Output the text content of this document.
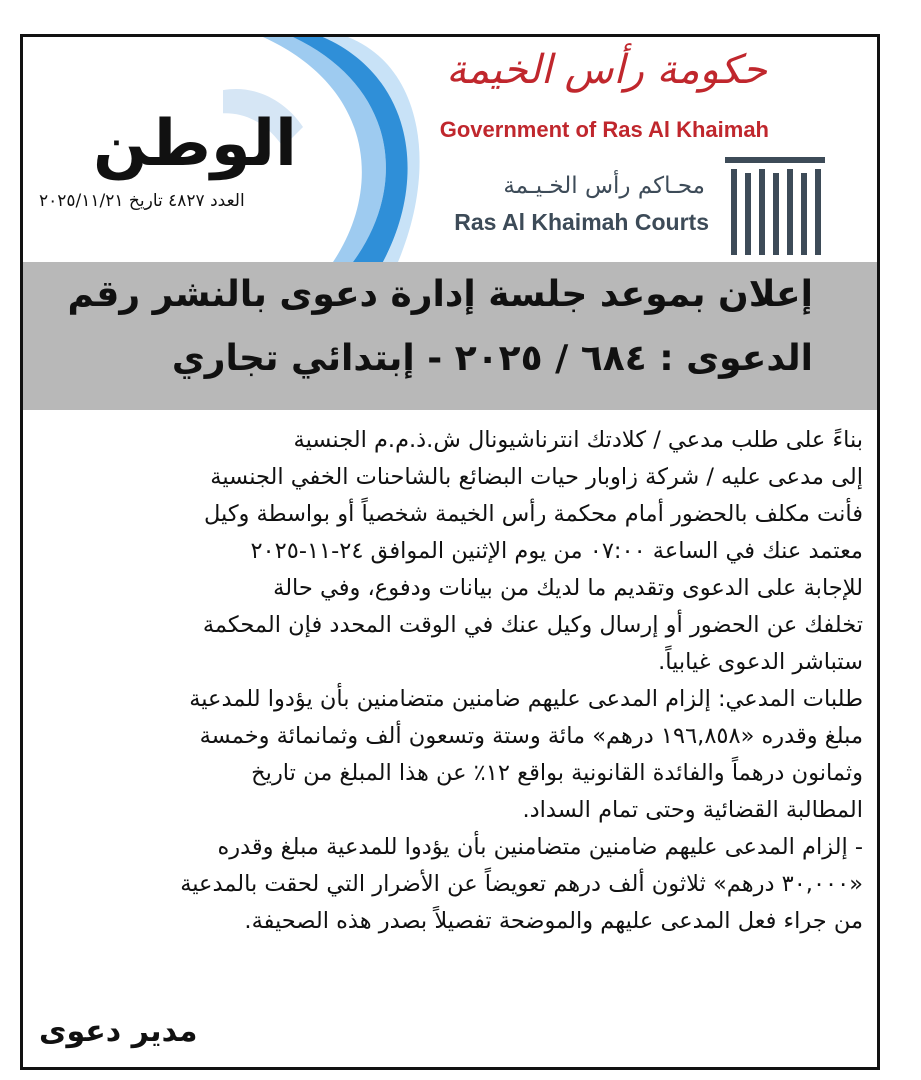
الوطن
العدد ٤٨٢٧ تاريخ ٢٠٢٥/١١/٢١
حكومة رأس الخيمة
Government of Ras Al Khaimah
محـاكم رأس الخـيـمة
Ras Al Khaimah Courts
إعلان بموعد جلسة إدارة دعوى بالنشر رقم
الدعوى : ٦٨٤ / ٢٠٢٥ - إبتدائي تجاري

بناءً على طلب مدعي / كلادتك انترناشيونال ش.ذ.م.م الجنسية

إلى مدعى عليه / شركة زاوبار حيات البضائع بالشاحنات الخفي الجنسية

فأنت مكلف بالحضور أمام محكمة رأس الخيمة شخصياً أو بواسطة وكيل

معتمد عنك في الساعة ٠٧:٠٠ من يوم الإثنين الموافق ٢٤-١١-٢٠٢٥

للإجابة على الدعوى وتقديم ما لديك من بيانات ودفوع، وفي حالة

تخلفك عن الحضور أو إرسال وكيل عنك في الوقت المحدد فإن المحكمة

ستباشر الدعوى غيابياً.

طلبات المدعي: إلزام المدعى عليهم ضامنين متضامنين بأن يؤدوا للمدعية

مبلغ وقدره «١٩٦,٨٥٨ درهم» مائة وستة وتسعون ألف وثمانمائة وخمسة

وثمانون درهماً والفائدة القانونية بواقع ١٢٪ عن هذا المبلغ من تاريخ

المطالبة القضائية وحتى تمام السداد.

- إلزام المدعى عليهم ضامنين متضامنين بأن يؤدوا للمدعية مبلغ وقدره

«٣٠,٠٠٠ درهم» ثلاثون ألف درهم تعويضاً عن الأضرار التي لحقت بالمدعية

من جراء فعل المدعى عليهم والموضحة تفصيلاً بصدر هذه الصحيفة.

مدير دعوى
